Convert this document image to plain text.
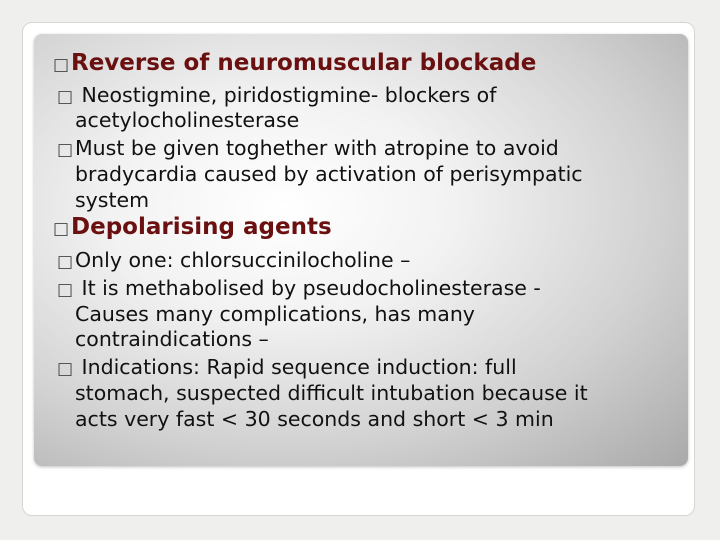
□Reverse of neuromuscular blockade

□ Neostigmine, piridostigmine- blockers of

acetylocholinesterase

□Must be given toghether with atropine to avoid

bradycardia caused by activation of perisympatic

system

□Depolarising agents

□Only one: chlorsuccinilocholine –

□ It is methabolised by pseudocholinesterase -

Causes many complications, has many

contraindications –

□ Indications: Rapid sequence induction: full

stomach, suspected difficult intubation because it

acts very fast < 30 seconds and short < 3 min
